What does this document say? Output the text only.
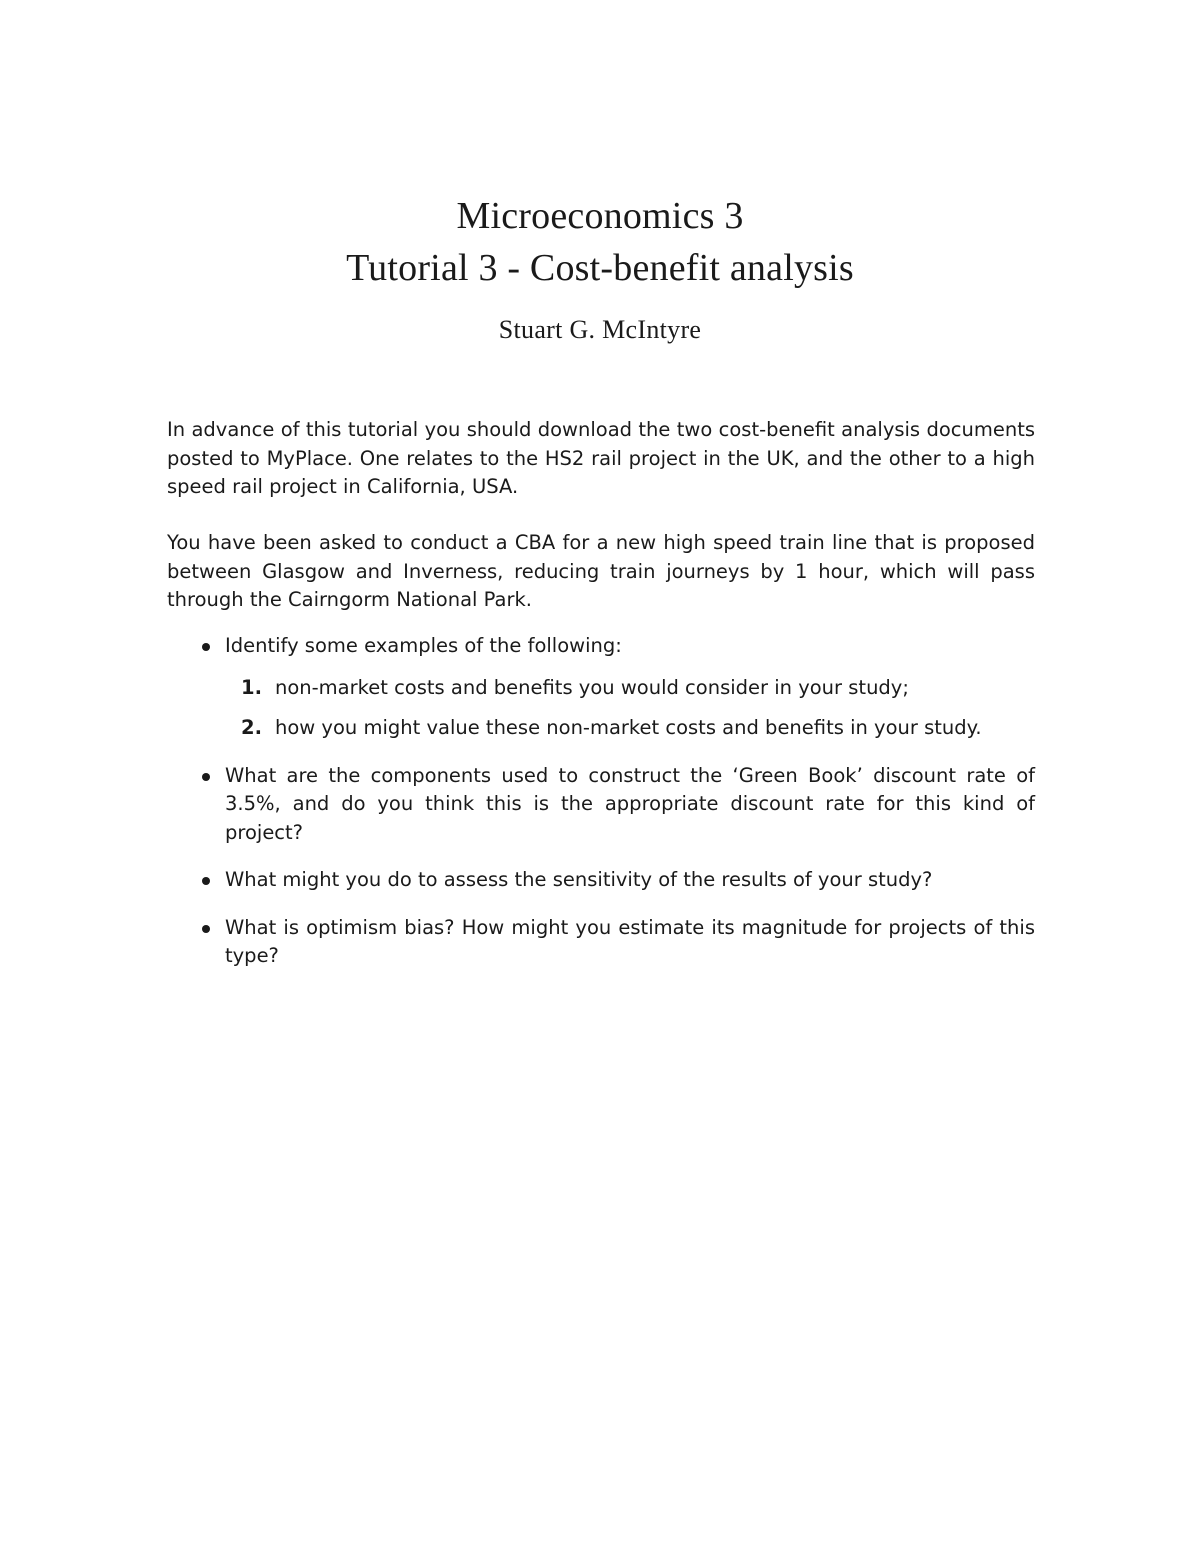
Microeconomics 3
Tutorial 3 - Cost-benefit analysis
Stuart G. McIntyre

In advance of this tutorial you should download the two cost-benefit analysis documents posted to MyPlace. One relates to the HS2 rail project in the UK, and the other to a high speed rail project in California, USA.

You have been asked to conduct a CBA for a new high speed train line that is proposed between Glasgow and Inverness, reducing train journeys by 1 hour, which will pass through the Cairngorm National Park.

Identify some examples of the following:
1. non-market costs and benefits you would consider in your study;
2. how you might value these non-market costs and benefits in your study.
What are the components used to construct the ‘Green Book’ discount rate of 3.5%, and do you think this is the appropriate discount rate for this kind of project?
What might you do to assess the sensitivity of the results of your study?
What is optimism bias? How might you estimate its magnitude for projects of this type?
